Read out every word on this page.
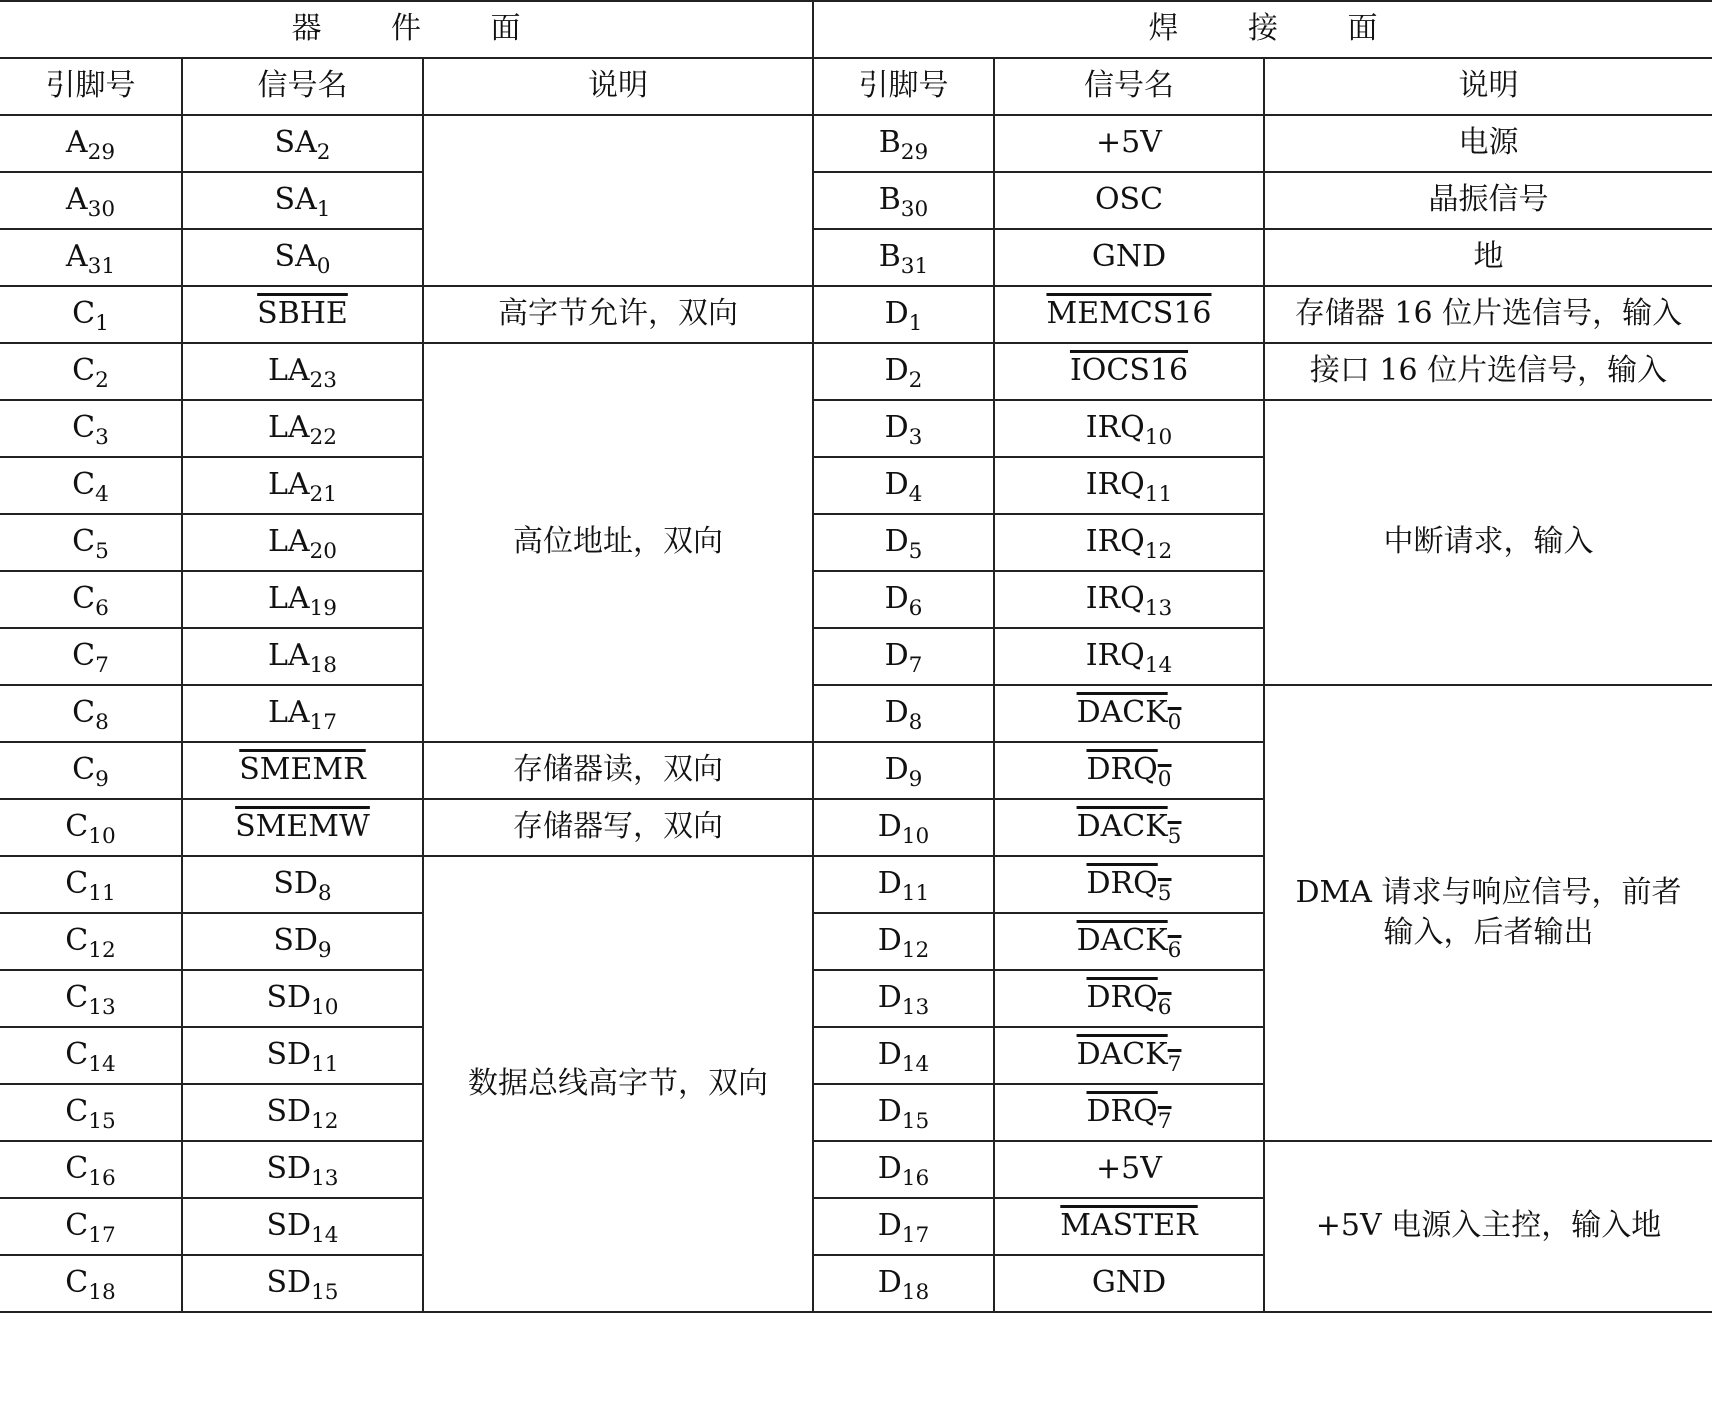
器 件 面			焊 接 面		
引脚号	信号名	说明	引脚号	信号名	说明
$A_{29}$	$SA_2$		$B_{29}$	+5V	电源
$A_{30}$	$SA_1$		$B_{30}$	OSC	晶振信号
$A_{31}$	$SA_0$		$B_{31}$	GND	地
$C_1$	SBHE	高字节允许，双向	$D_1$	MEMCS16	存储器 16 位片选信号，输入
$C_2$	$LA_{23}$	高位地址，双向	$D_2$	IOCS16	接口 16 位片选信号，输入
$C_3$	$LA_{22}$		$D_3$	$IRQ_{10}$	中断请求，输入
$C_4$	$LA_{21}$		$D_4$	$IRQ_{11}$
$C_5$	$LA_{20}$		$D_5$	$IRQ_{12}$
$C_6$	$LA_{19}$		$D_6$	$IRQ_{13}$
$C_7$	$LA_{18}$		$D_7$	$IRQ_{14}$
$C_8$	$LA_{17}$		$D_8$	$DACK_0$	DMA 请求与响应信号，前者
输入，后者输出
$C_9$	SMEMR	存储器读，双向	$D_9$	$DRQ_0$
$C_{10}$	SMEMW	存储器写，双向	$D_{10}$	$DACK_5$
$C_{11}$	$SD_8$	数据总线高字节，双向	$D_{11}$	$DRQ_5$
$C_{12}$	$SD_9$		$D_{12}$	$DACK_6$
$C_{13}$	$SD_{10}$		$D_{13}$	$DRQ_6$
$C_{14}$	$SD_{11}$		$D_{14}$	$DACK_7$
$C_{15}$	$SD_{12}$		$D_{15}$	$DRQ_7$
$C_{16}$	$SD_{13}$		$D_{16}$	+5V	+5V 电源入主控，输入地
$C_{17}$	$SD_{14}$		$D_{17}$	MASTER	
$C_{18}$	$SD_{15}$		$D_{18}$	GND	
